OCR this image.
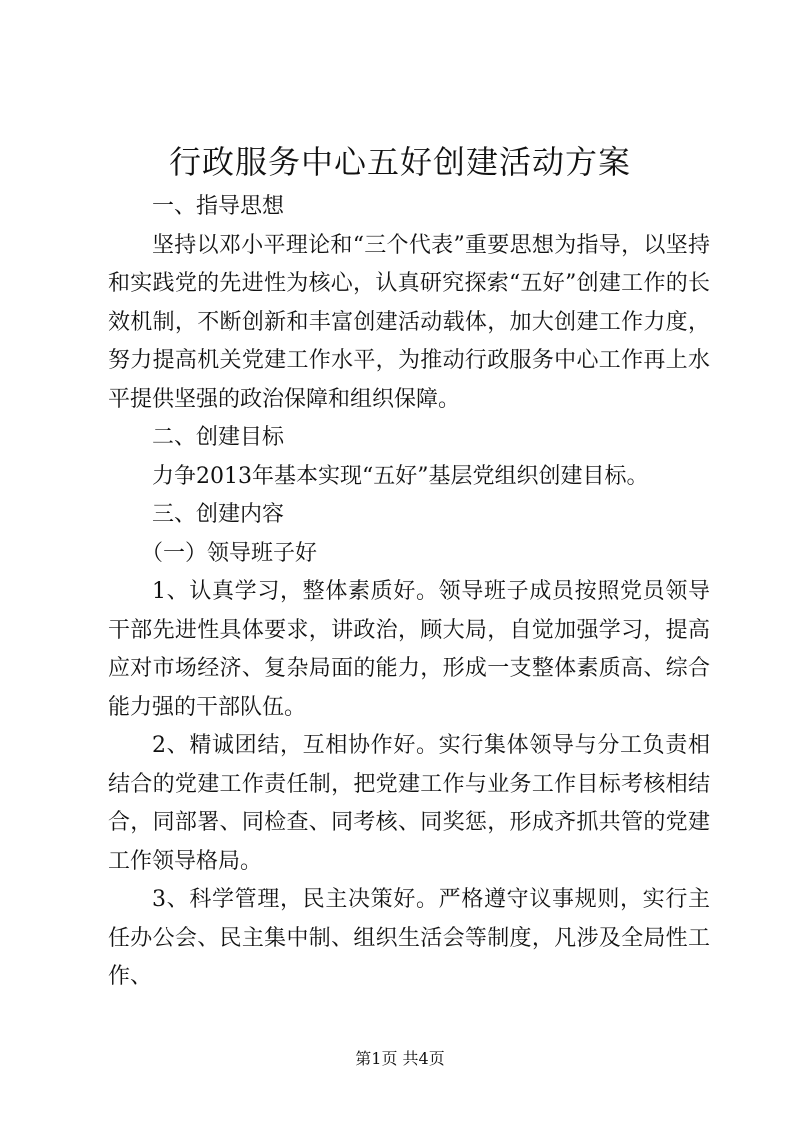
行政服务中心五好创建活动方案

一、指导思想

坚持以邓小平理论和“三个代表”重要思想为指导，以坚持和实践党的先进性为核心，认真研究探索“五好”创建工作的长效机制，不断创新和丰富创建活动载体，加大创建工作力度，努力提高机关党建工作水平，为推动行政服务中心工作再上水平提供坚强的政治保障和组织保障。

二、创建目标

力争2013年基本实现“五好”基层党组织创建目标。

三、创建内容

（一）领导班子好

1、认真学习，整体素质好。领导班子成员按照党员领导干部先进性具体要求，讲政治，顾大局，自觉加强学习，提高应对市场经济、复杂局面的能力，形成一支整体素质高、综合能力强的干部队伍。

2、精诚团结，互相协作好。实行集体领导与分工负责相结合的党建工作责任制，把党建工作与业务工作目标考核相结合，同部署、同检查、同考核、同奖惩，形成齐抓共管的党建工作领导格局。

3、科学管理，民主决策好。严格遵守议事规则，实行主任办公会、民主集中制、组织生活会等制度，凡涉及全局性工作、

第1页 共4页
